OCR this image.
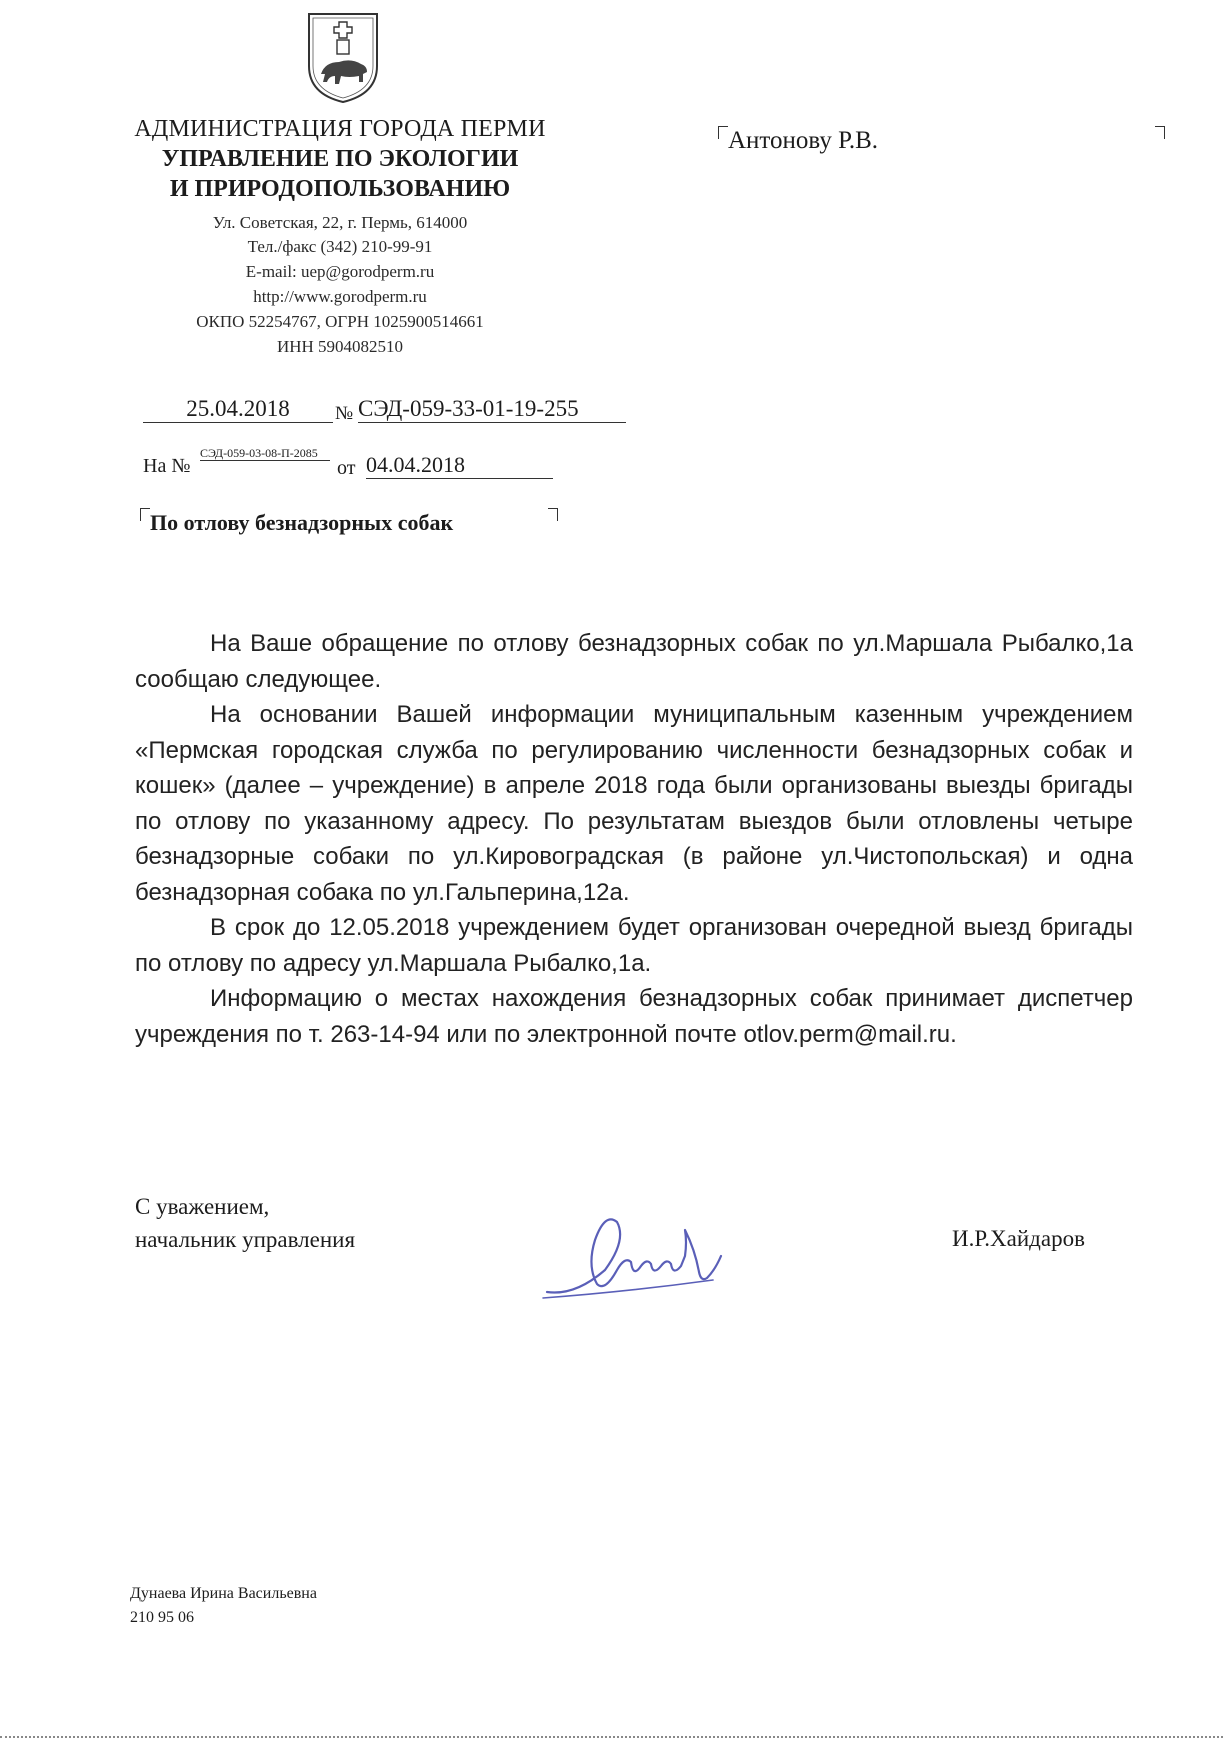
АДМИНИСТРАЦИЯ ГОРОДА ПЕРМИ
УПРАВЛЕНИЕ ПО ЭКОЛОГИИ
И ПРИРОДОПОЛЬЗОВАНИЮ
Ул. Советская, 22, г. Пермь, 614000
Тел./факс (342) 210-99-91
E-mail: uep@gorodperm.ru
http://www.gorodperm.ru
ОКПО 52254767, ОГРН 1025900514661
ИНН 5904082510
Антонову Р.В.
25.04.2018	№ СЭД-059-33-01-19-255
На №
СЭД-059-03-08-П-2085
от 04.04.2018
По отлову безнадзорных собак

На Ваше обращение по отлову безнадзорных собак по ул.Маршала Рыбалко,1а сообщаю следующее.

На основании Вашей информации муниципальным казенным учреждением «Пермская городская служба по регулированию численности безнадзорных собак и кошек» (далее – учреждение) в апреле 2018 года были организованы выезды бригады по отлову по указанному адресу. По результатам выездов были отловлены четыре безнадзорные собаки по ул.Кировоградская (в районе ул.Чистопольская) и одна безнадзорная собака по ул.Гальперина,12а.

В срок до 12.05.2018 учреждением будет организован очередной выезд бригады по отлову по адресу ул.Маршала Рыбалко,1а.

Информацию о местах нахождения безнадзорных собак принимает диспетчер учреждения по т. 263-14-94 или по электронной почте otlov.perm@mail.ru.

С уважением,
начальник управления	И.Р.Хайдаров
Дунаева Ирина Васильевна
210 95 06
